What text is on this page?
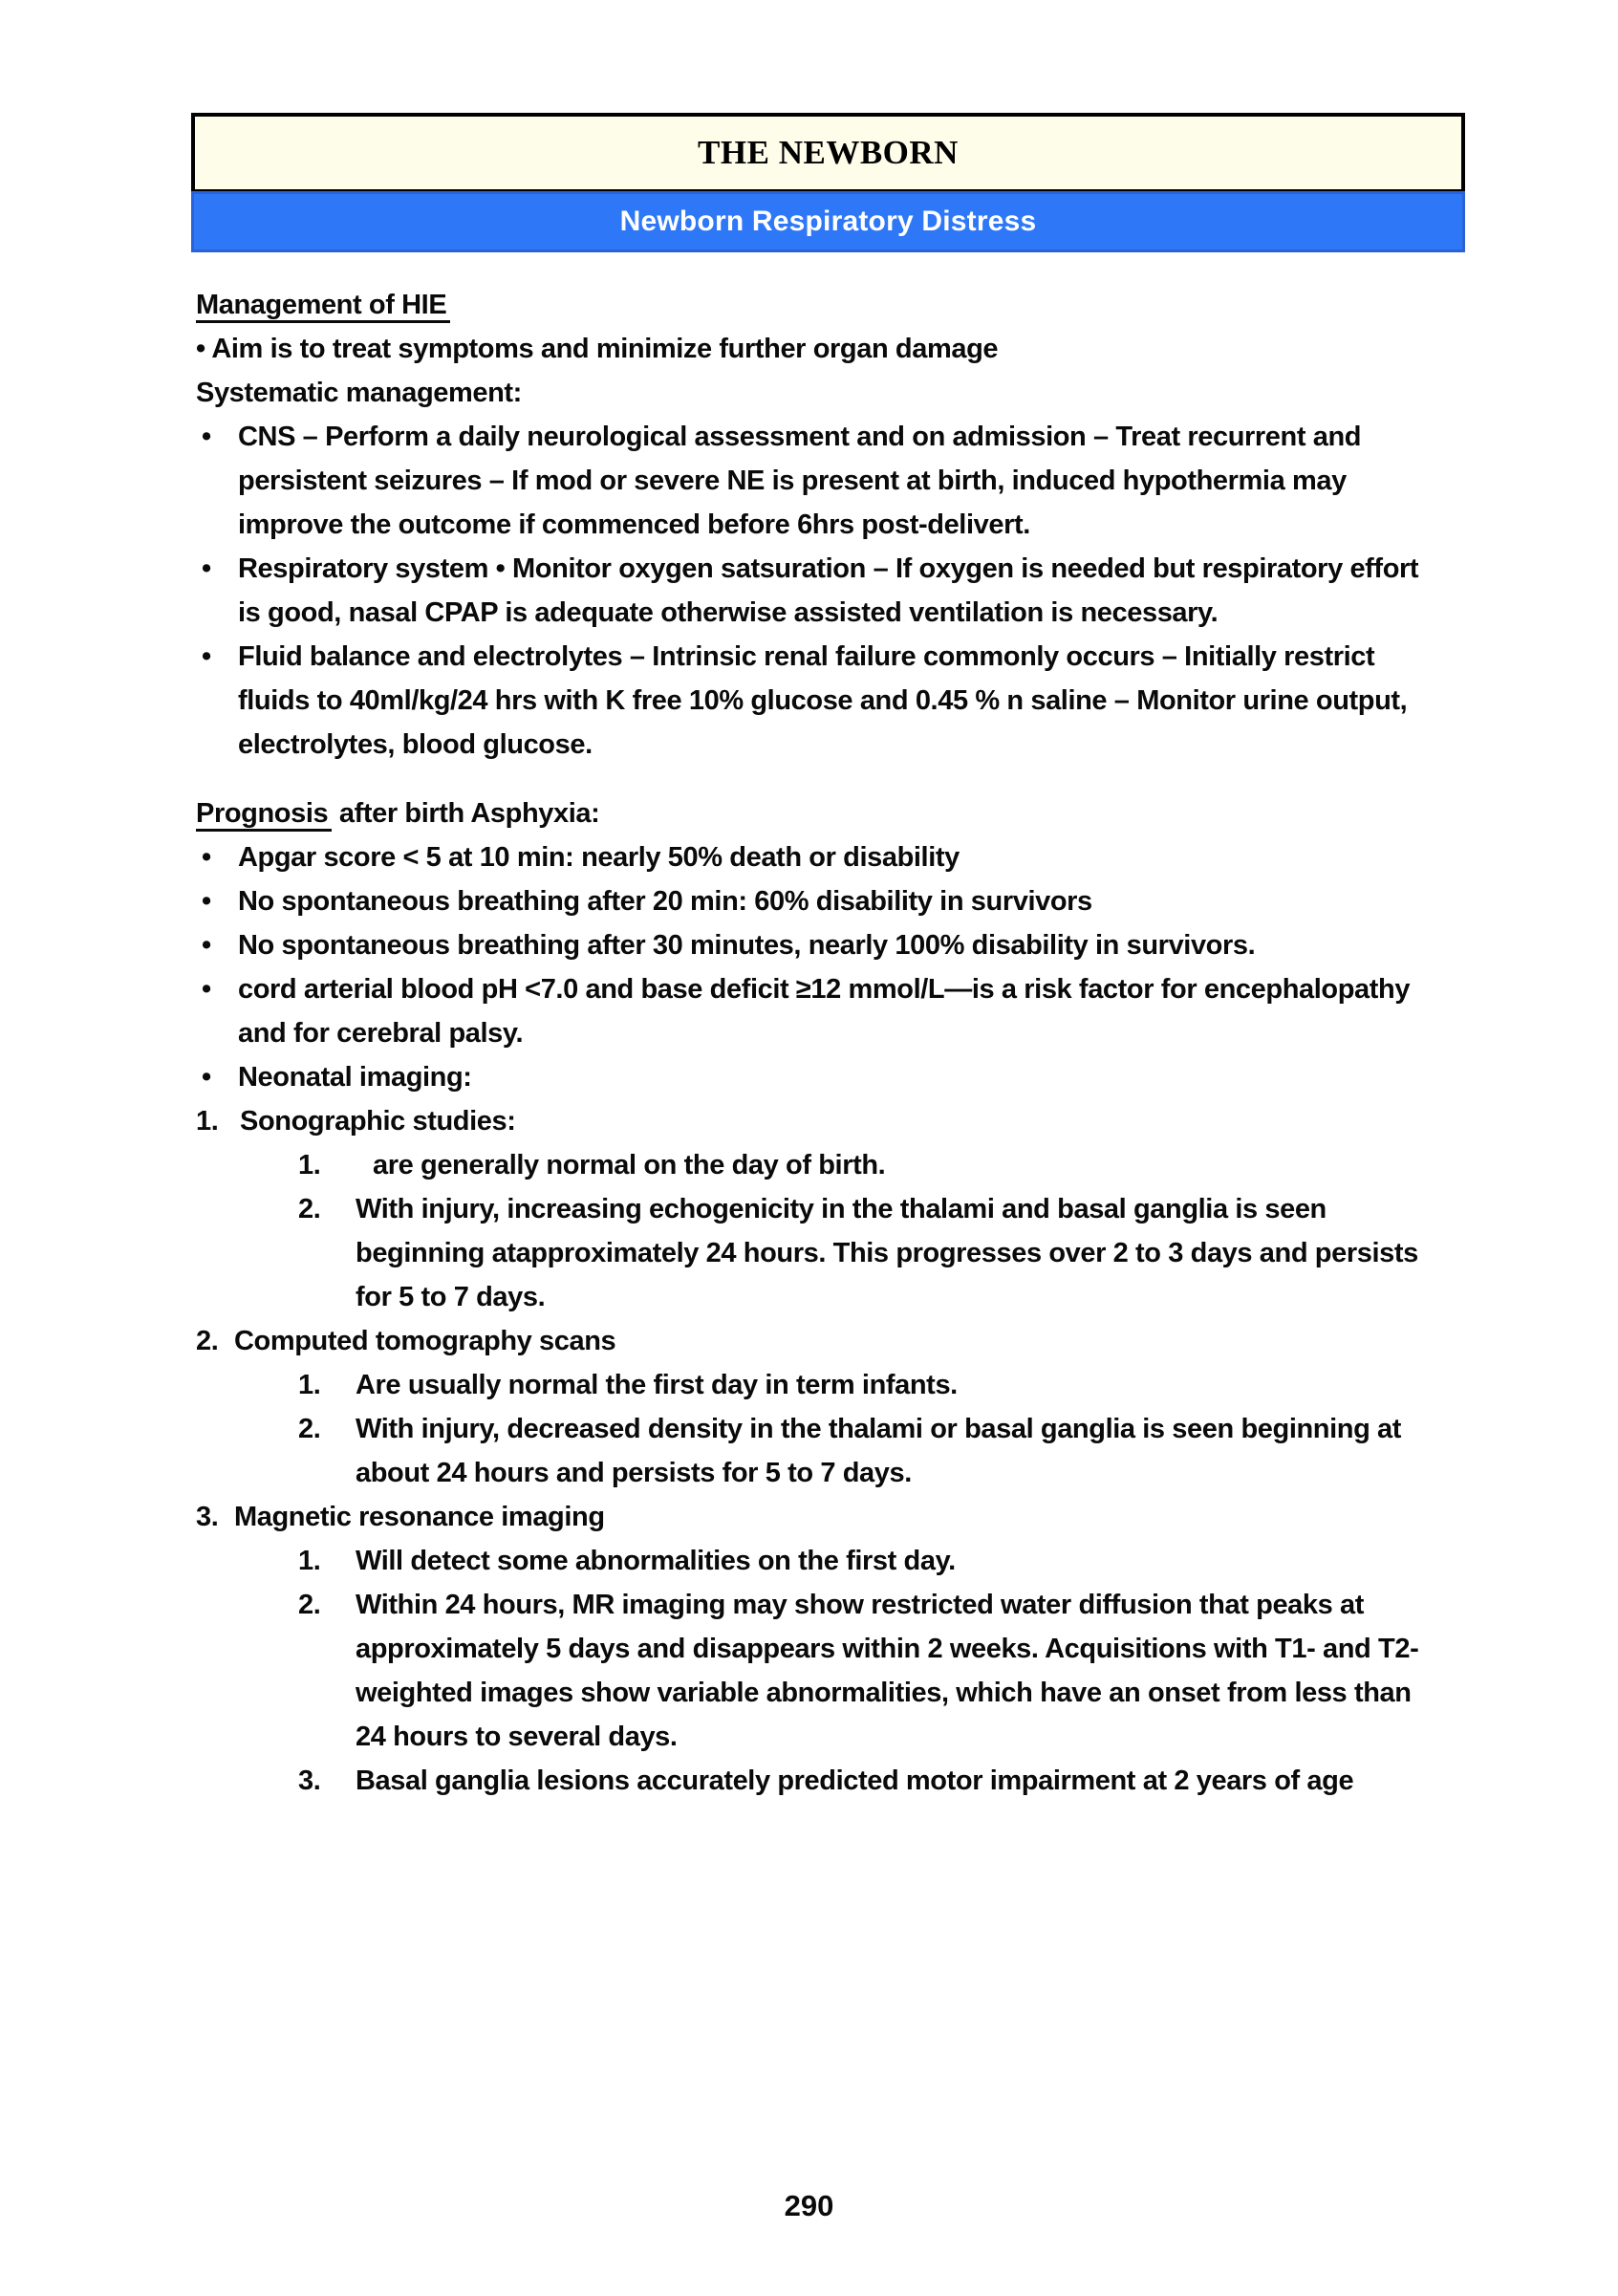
THE NEWBORN
Newborn Respiratory Distress
Management of HIE
• Aim is to treat symptoms and minimize further organ damage
Systematic management:
• CNS – Perform a daily neurological assessment and on admission – Treat recurrent and persistent seizures – If mod or severe NE is present at birth, induced hypothermia may improve the outcome if commenced before 6hrs post-delivert.
• Respiratory system • Monitor oxygen satsuration – If oxygen is needed but respiratory effort is good, nasal CPAP is adequate otherwise assisted ventilation is necessary.
• Fluid balance and electrolytes – Intrinsic renal failure commonly occurs – Initially restrict fluids to 40ml/kg/24 hrs with K free 10% glucose and 0.45 % n saline – Monitor urine output, electrolytes, blood glucose.
Prognosis after birth Asphyxia:
• Apgar score < 5 at 10 min: nearly 50% death or disability
• No spontaneous breathing after 20 min: 60% disability in survivors
• No spontaneous breathing after 30 minutes, nearly 100% disability in survivors.
• cord arterial blood pH <7.0 and base deficit ≥12 mmol/L—is a risk factor for encephalopathy and for cerebral palsy.
• Neonatal imaging:
1. Sonographic studies:
1.	are generally normal on the day of birth.
2.	With injury, increasing echogenicity in the thalami and basal ganglia is seen beginning atapproximately 24 hours. This progresses over 2 to 3 days and persists for 5 to 7 days.
2. Computed tomography scans
1.	Are usually normal the first day in term infants.
2.	With injury, decreased density in the thalami or basal ganglia is seen beginning at about 24 hours and persists for 5 to 7 days.
3. Magnetic resonance imaging
1.	Will detect some abnormalities on the first day.
2.	Within 24 hours, MR imaging may show restricted water diffusion that peaks at approximately 5 days and disappears within 2 weeks. Acquisitions with T1- and T2-weighted images show variable abnormalities, which have an onset from less than 24 hours to several days.
3.	Basal ganglia lesions accurately predicted motor impairment at 2 years of age
290
